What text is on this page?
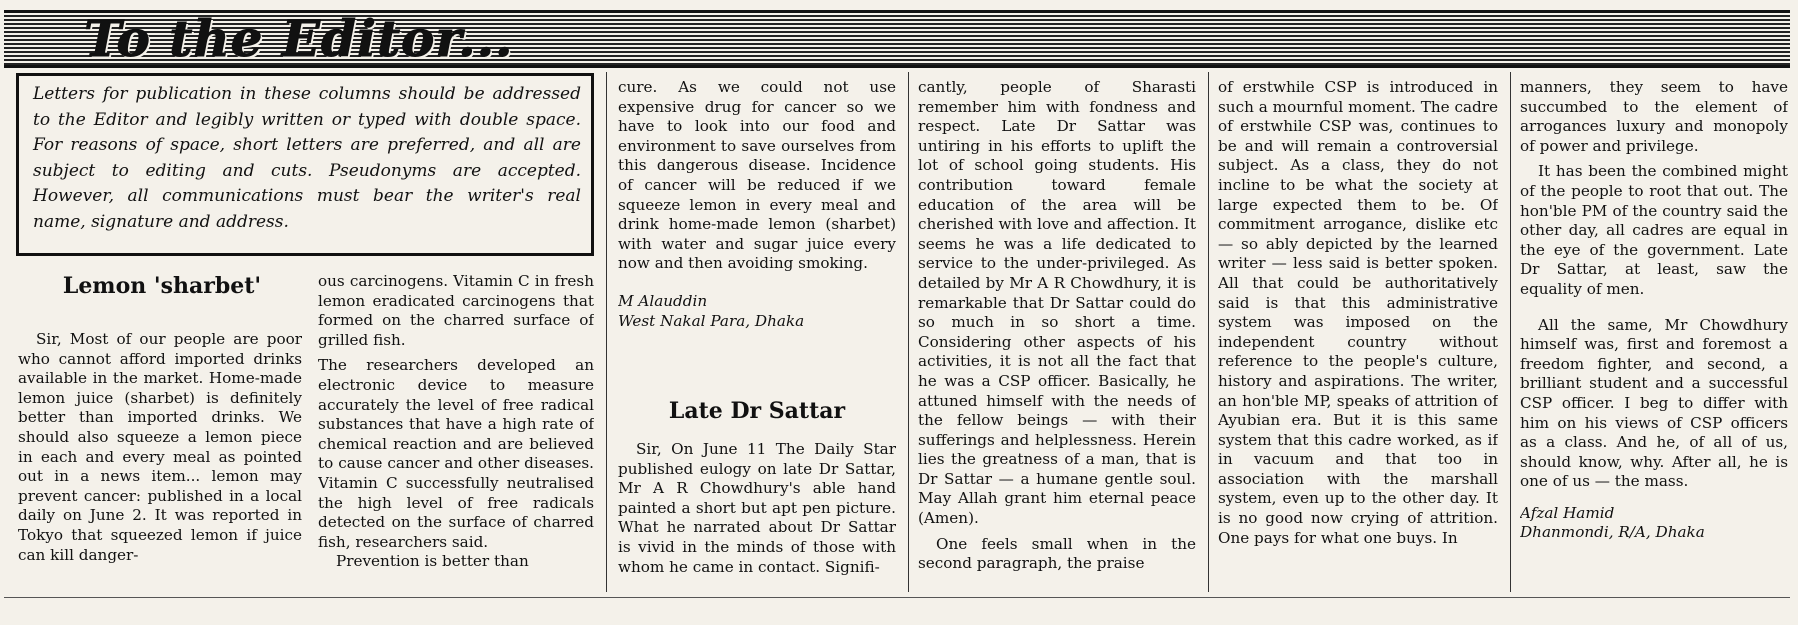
To the Editor...
Letters for publication in these columns should be addressed to the Editor and legibly written or typed with double space. For reasons of space, short letters are preferred, and all are subject to editing and cuts. Pseudonyms are accepted. However, all communications must bear the writer's real name, signature and address.
Lemon 'sharbet'

Sir, Most of our people are poor who cannot afford imported drinks available in the market. Home-made lemon juice (sharbet) is definitely better than imported drinks. We should also squeeze a lemon piece in each and every meal as pointed out in a news item... lemon may prevent cancer: published in a local daily on June 2. It was reported in Tokyo that squeezed lemon if juice can kill danger-

ous carcinogens. Vitamin C in fresh lemon eradicated carcinogens that formed on the charred surface of grilled fish.

The researchers developed an electronic device to measure accurately the level of free radical substances that have a high rate of chemical reaction and are believed to cause cancer and other diseases. Vitamin C successfully neutralised the high level of free radicals detected on the surface of charred fish, researchers said.

Prevention is better than

cure. As we could not use expensive drug for cancer so we have to look into our food and environment to save ourselves from this dangerous disease. Incidence of cancer will be reduced if we squeeze lemon in every meal and drink home-made lemon (sharbet) with water and sugar juice every now and then avoiding smoking.

M Alauddin

West Nakal Para, Dhaka

Late Dr Sattar

Sir, On June 11 The Daily Star published eulogy on late Dr Sattar, Mr A R Chowdhury's able hand painted a short but apt pen picture. What he narrated about Dr Sattar is vivid in the minds of those with whom he came in contact. Signifi-

cantly, people of Sharasti remember him with fondness and respect. Late Dr Sattar was untiring in his efforts to uplift the lot of school going students. His contribution toward female education of the area will be cherished with love and affection. It seems he was a life dedicated to service to the under-privileged. As detailed by Mr A R Chowdhury, it is remarkable that Dr Sattar could do so much in so short a time. Considering other aspects of his activities, it is not all the fact that he was a CSP officer. Basically, he attuned himself with the needs of the fellow beings — with their sufferings and helplessness. Herein lies the greatness of a man, that is Dr Sattar — a humane gentle soul. May Allah grant him eternal peace (Amen).

One feels small when in the second paragraph, the praise

of erstwhile CSP is introduced in such a mournful moment. The cadre of erstwhile CSP was, continues to be and will remain a controversial subject. As a class, they do not incline to be what the society at large expected them to be. Of commitment arrogance, dislike etc — so ably depicted by the learned writer — less said is better spoken. All that could be authoritatively said is that this administrative system was imposed on the independent country without reference to the people's culture, history and aspirations. The writer, an hon'ble MP, speaks of attrition of Ayubian era. But it is this same system that this cadre worked, as if in vacuum and that too in association with the marshall system, even up to the other day. It is no good now crying of attrition. One pays for what one buys. In

manners, they seem to have succumbed to the element of arrogances luxury and monopoly of power and privilege.

It has been the combined might of the people to root that out. The hon'ble PM of the country said the other day, all cadres are equal in the eye of the government. Late Dr Sattar, at least, saw the equality of men.

All the same, Mr Chowdhury himself was, first and foremost a freedom fighter, and second, a brilliant student and a successful CSP officer. I beg to differ with him on his views of CSP officers as a class. And he, of all of us, should know, why. After all, he is one of us — the mass.

Afzal Hamid

Dhanmondi, R/A, Dhaka
